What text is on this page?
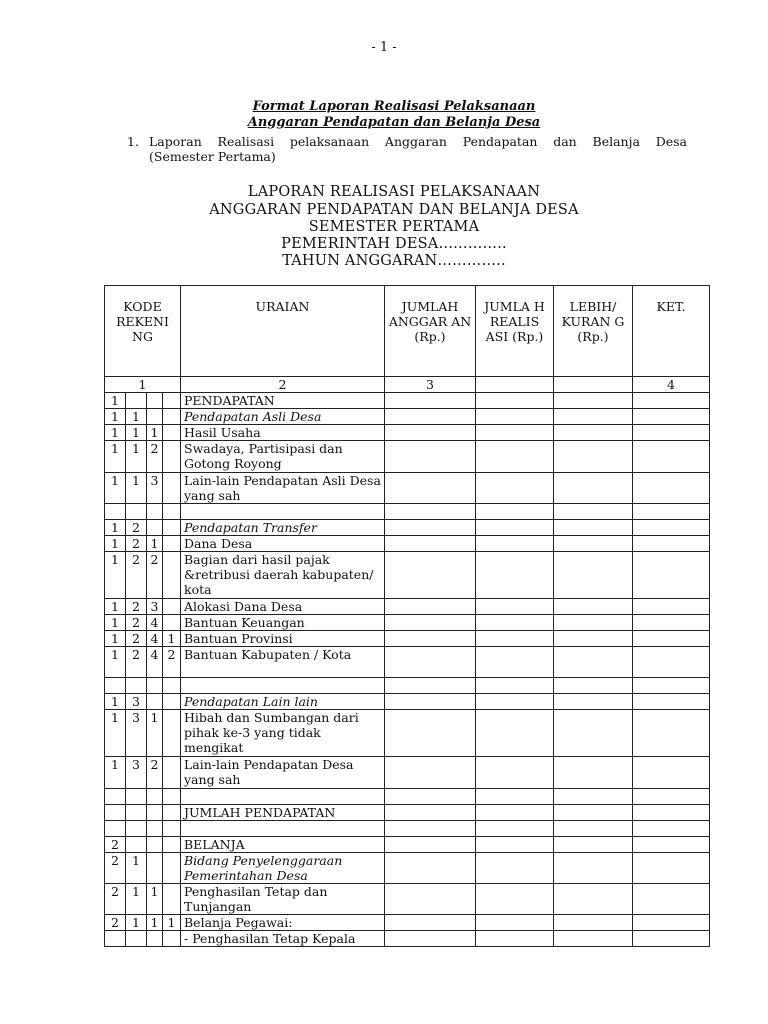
- 1 -
Format Laporan Realisasi Pelaksanaan
Anggaran Pendapatan dan Belanja Desa
1. Laporan Realisasi pelaksanaan Anggaran Pendapatan dan Belanja Desa
(Semester Pertama)
LAPORAN REALISASI PELAKSANAAN
ANGGARAN PENDAPATAN DAN BELANJA DESA
SEMESTER PERTAMA
PEMERINTAH DESA…………..
TAHUN ANGGARAN…………..
KODE REKENI NG				URAIAN	JUMLAH ANGGAR AN (Rp.)	JUMLA H REALIS ASI (Rp.)	LEBIH/ KURAN G (Rp.)	KET.
1				2	3			4
1				PENDAPATAN				
1	1			Pendapatan Asli Desa				
1	1	1		Hasil Usaha				
1	1	2		Swadaya, Partisipasi dan Gotong Royong				
1	1	3		Lain-lain Pendapatan Asli Desa yang sah				

1	2			Pendapatan Transfer				
1	2	1		Dana Desa				
1	2	2		Bagian dari hasil pajak &retribusi daerah kabupaten/ kota				
1	2	3		Alokasi Dana Desa				
1	2	4		Bantuan Keuangan				
1	2	4	1	Bantuan Provinsi				
1	2	4	2	Bantuan Kabupaten / Kota				

1	3			Pendapatan Lain lain				
1	3	1		Hibah dan Sumbangan dari pihak ke-3 yang tidak mengikat				
1	3	2		Lain-lain Pendapatan Desa yang sah				

				JUMLAH PENDAPATAN				

2				BELANJA				
2	1			Bidang Penyelenggaraan Pemerintahan Desa				
2	1	1		Penghasilan Tetap dan Tunjangan				
2	1	1	1	Belanja Pegawai:				
				- Penghasilan Tetap Kepala				
